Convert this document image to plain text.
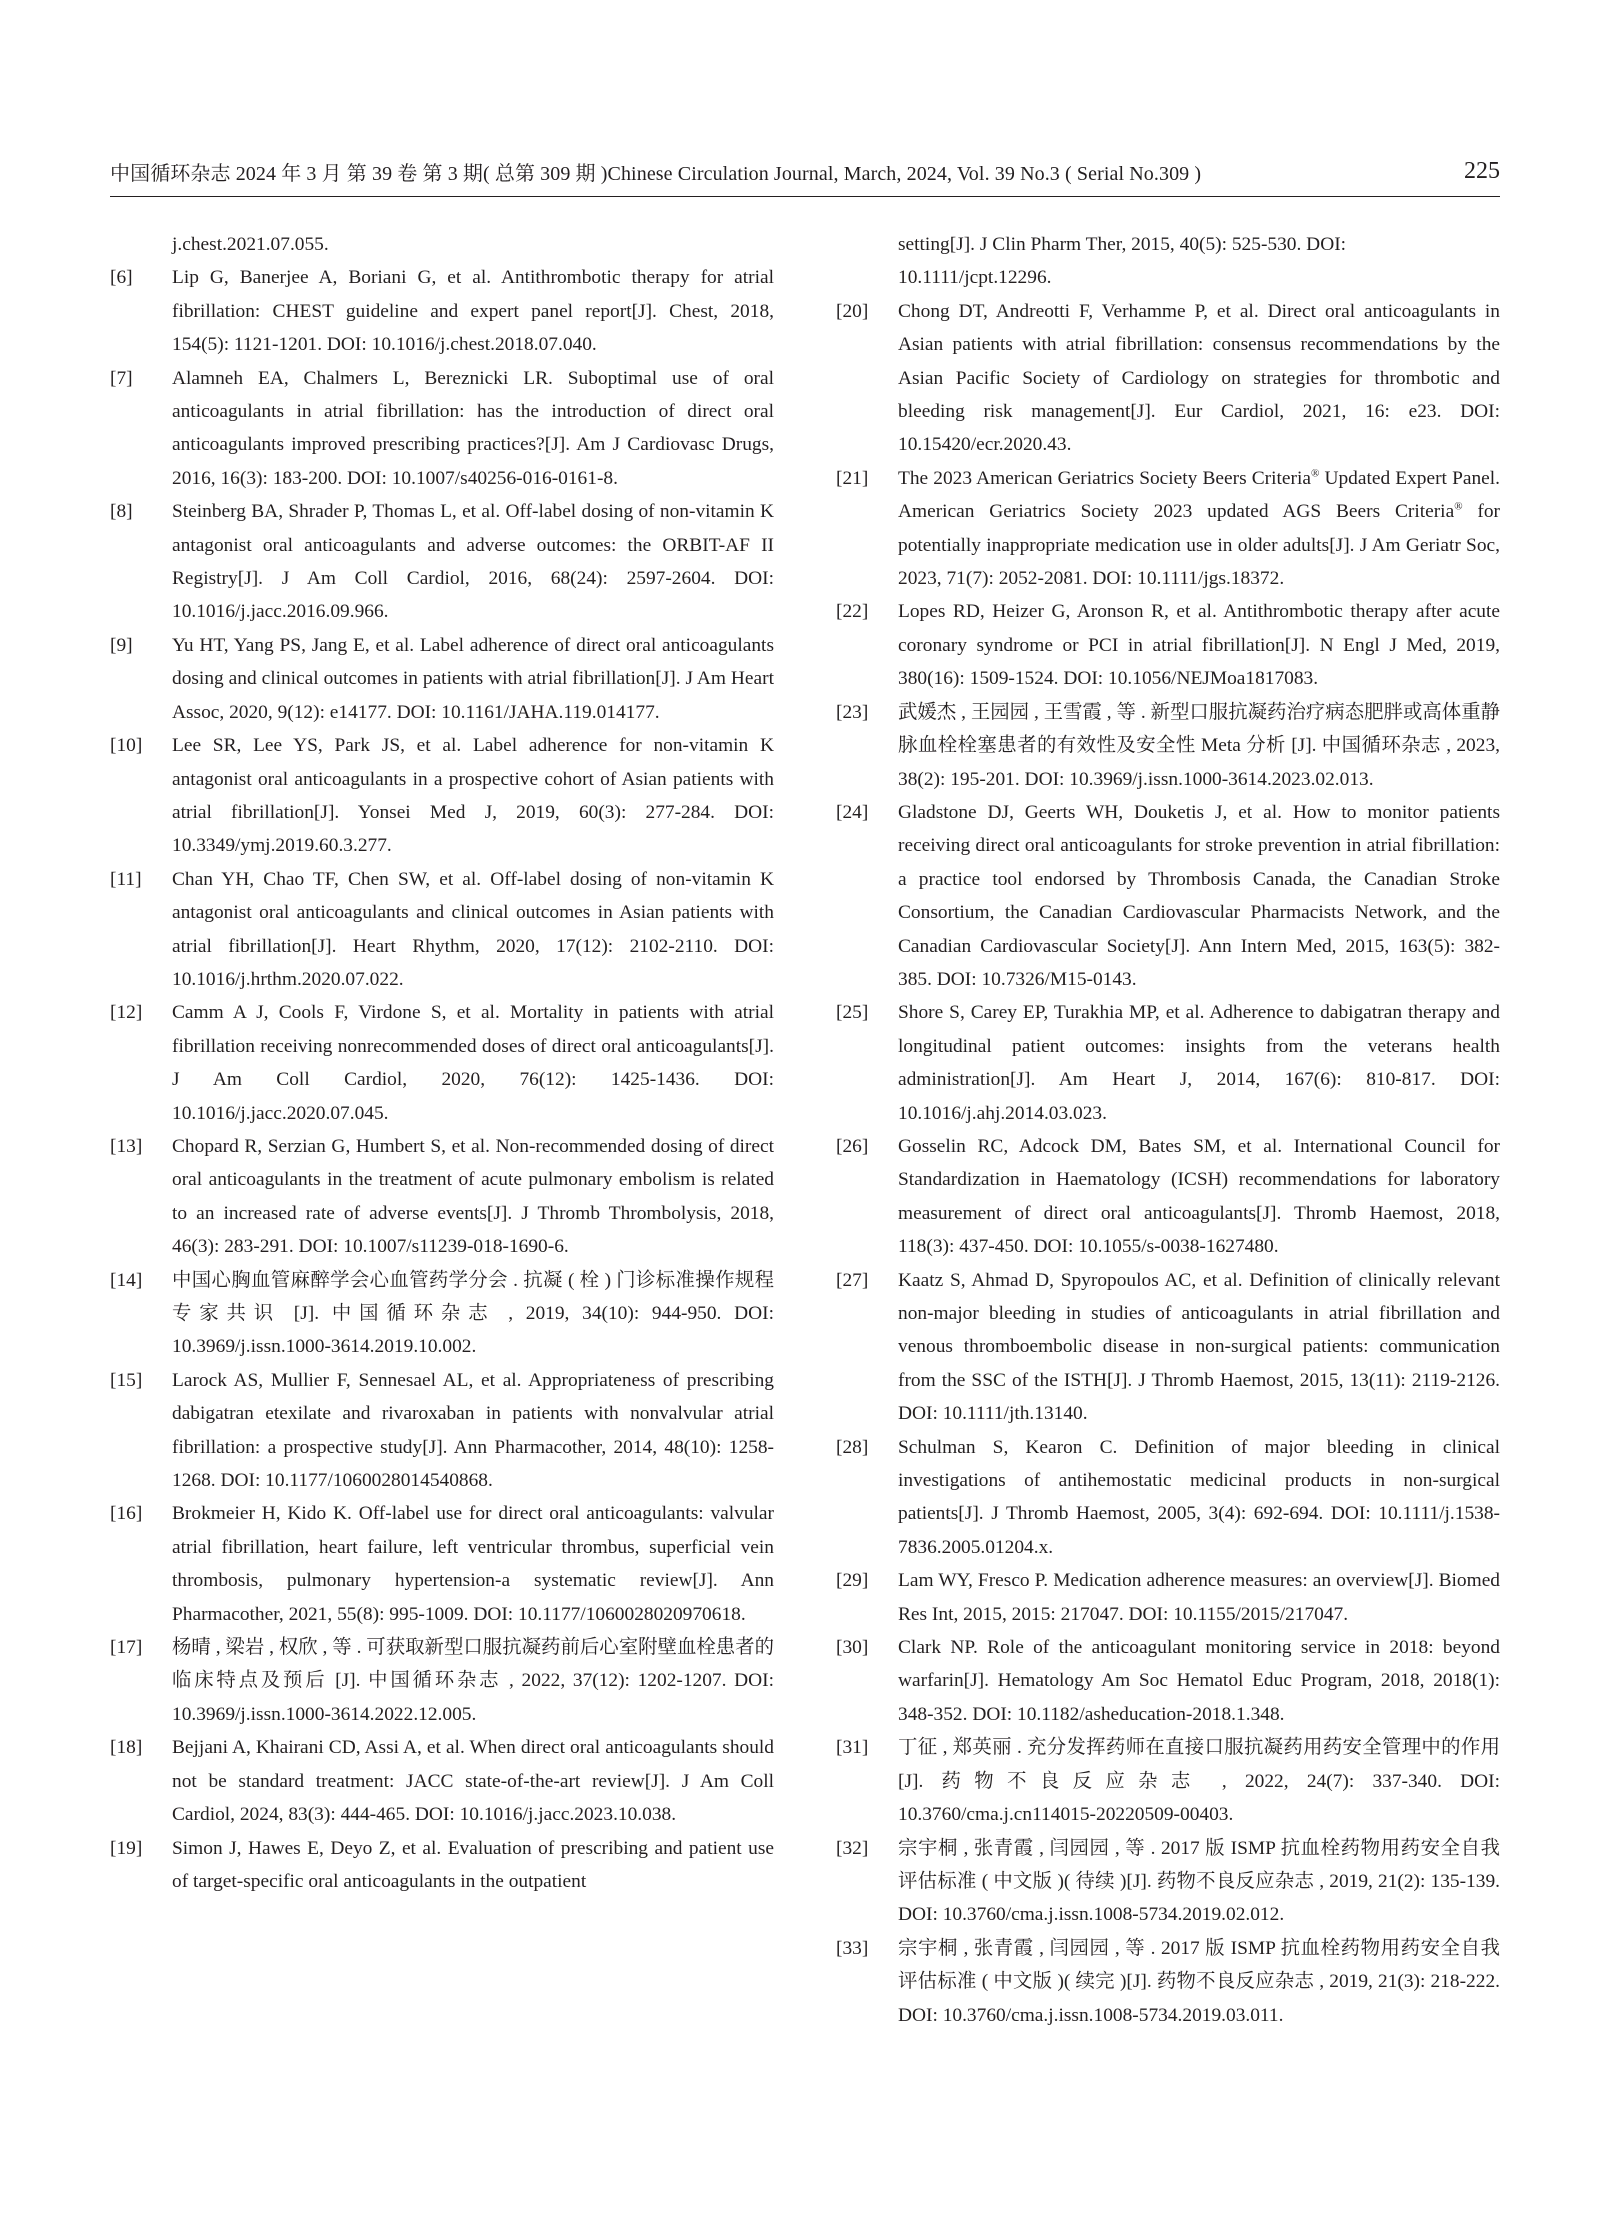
中国循环杂志 2024 年 3 月 第 39 卷 第 3 期( 总第 309 期 )Chinese Circulation Journal, March, 2024, Vol. 39 No.3 ( Serial No.309 )	225
j.chest.2021.07.055.
[6] Lip G, Banerjee A, Boriani G, et al. Antithrombotic therapy for atrial fibrillation: CHEST guideline and expert panel report[J]. Chest, 2018, 154(5): 1121-1201. DOI: 10.1016/j.chest.2018.07.040.
[7] Alamneh EA, Chalmers L, Bereznicki LR. Suboptimal use of oral anticoagulants in atrial fibrillation: has the introduction of direct oral anticoagulants improved prescribing practices?[J]. Am J Cardiovasc Drugs, 2016, 16(3): 183-200. DOI: 10.1007/s40256-016-0161-8.
[8] Steinberg BA, Shrader P, Thomas L, et al. Off-label dosing of non-vitamin K antagonist oral anticoagulants and adverse outcomes: the ORBIT-AF II Registry[J]. J Am Coll Cardiol, 2016, 68(24): 2597-2604. DOI: 10.1016/j.jacc.2016.09.966.
[9] Yu HT, Yang PS, Jang E, et al. Label adherence of direct oral anticoagulants dosing and clinical outcomes in patients with atrial fibrillation[J]. J Am Heart Assoc, 2020, 9(12): e14177. DOI: 10.1161/JAHA.119.014177.
[10] Lee SR, Lee YS, Park JS, et al. Label adherence for non-vitamin K antagonist oral anticoagulants in a prospective cohort of Asian patients with atrial fibrillation[J]. Yonsei Med J, 2019, 60(3): 277-284. DOI: 10.3349/ymj.2019.60.3.277.
[11] Chan YH, Chao TF, Chen SW, et al. Off-label dosing of non-vitamin K antagonist oral anticoagulants and clinical outcomes in Asian patients with atrial fibrillation[J]. Heart Rhythm, 2020, 17(12): 2102-2110. DOI: 10.1016/j.hrthm.2020.07.022.
[12] Camm A J, Cools F, Virdone S, et al. Mortality in patients with atrial fibrillation receiving nonrecommended doses of direct oral anticoagulants[J]. J Am Coll Cardiol, 2020, 76(12): 1425-1436. DOI: 10.1016/j.jacc.2020.07.045.
[13] Chopard R, Serzian G, Humbert S, et al. Non-recommended dosing of direct oral anticoagulants in the treatment of acute pulmonary embolism is related to an increased rate of adverse events[J]. J Thromb Thrombolysis, 2018, 46(3): 283-291. DOI: 10.1007/s11239-018-1690-6.
[14] 中国心胸血管麻醉学会心血管药学分会 . 抗凝 ( 栓 ) 门诊标准操作规程专家共识 [J]. 中国循环杂志 , 2019, 34(10): 944-950. DOI: 10.3969/j.issn.1000-3614.2019.10.002.
[15] Larock AS, Mullier F, Sennesael AL, et al. Appropriateness of prescribing dabigatran etexilate and rivaroxaban in patients with nonvalvular atrial fibrillation: a prospective study[J]. Ann Pharmacother, 2014, 48(10): 1258-1268. DOI: 10.1177/1060028014540868.
[16] Brokmeier H, Kido K. Off-label use for direct oral anticoagulants: valvular atrial fibrillation, heart failure, left ventricular thrombus, superficial vein thrombosis, pulmonary hypertension-a systematic review[J]. Ann Pharmacother, 2021, 55(8): 995-1009. DOI: 10.1177/1060028020970618.
[17] 杨晴 , 梁岩 , 权欣 , 等 . 可获取新型口服抗凝药前后心室附壁血栓患者的临床特点及预后 [J]. 中国循环杂志 , 2022, 37(12): 1202-1207. DOI: 10.3969/j.issn.1000-3614.2022.12.005.
[18] Bejjani A, Khairani CD, Assi A, et al. When direct oral anticoagulants should not be standard treatment: JACC state-of-the-art review[J]. J Am Coll Cardiol, 2024, 83(3): 444-465. DOI: 10.1016/j.jacc.2023.10.038.
[19] Simon J, Hawes E, Deyo Z, et al. Evaluation of prescribing and patient use of target-specific oral anticoagulants in the outpatient
setting[J]. J Clin Pharm Ther, 2015, 40(5): 525-530. DOI: 10.1111/jcpt.12296.
[20] Chong DT, Andreotti F, Verhamme P, et al. Direct oral anticoagulants in Asian patients with atrial fibrillation: consensus recommendations by the Asian Pacific Society of Cardiology on strategies for thrombotic and bleeding risk management[J]. Eur Cardiol, 2021, 16: e23. DOI: 10.15420/ecr.2020.43.
[21] The 2023 American Geriatrics Society Beers Criteria® Updated Expert Panel. American Geriatrics Society 2023 updated AGS Beers Criteria® for potentially inappropriate medication use in older adults[J]. J Am Geriatr Soc, 2023, 71(7): 2052-2081. DOI: 10.1111/jgs.18372.
[22] Lopes RD, Heizer G, Aronson R, et al. Antithrombotic therapy after acute coronary syndrome or PCI in atrial fibrillation[J]. N Engl J Med, 2019, 380(16): 1509-1524. DOI: 10.1056/NEJMoa1817083.
[23] 武媛杰 , 王园园 , 王雪霞 , 等 . 新型口服抗凝药治疗病态肥胖或高体重静脉血栓栓塞患者的有效性及安全性 Meta 分析 [J]. 中国循环杂志 , 2023, 38(2): 195-201. DOI: 10.3969/j.issn.1000-3614.2023.02.013.
[24] Gladstone DJ, Geerts WH, Douketis J, et al. How to monitor patients receiving direct oral anticoagulants for stroke prevention in atrial fibrillation: a practice tool endorsed by Thrombosis Canada, the Canadian Stroke Consortium, the Canadian Cardiovascular Pharmacists Network, and the Canadian Cardiovascular Society[J]. Ann Intern Med, 2015, 163(5): 382-385. DOI: 10.7326/M15-0143.
[25] Shore S, Carey EP, Turakhia MP, et al. Adherence to dabigatran therapy and longitudinal patient outcomes: insights from the veterans health administration[J]. Am Heart J, 2014, 167(6): 810-817. DOI: 10.1016/j.ahj.2014.03.023.
[26] Gosselin RC, Adcock DM, Bates SM, et al. International Council for Standardization in Haematology (ICSH) recommendations for laboratory measurement of direct oral anticoagulants[J]. Thromb Haemost, 2018, 118(3): 437-450. DOI: 10.1055/s-0038-1627480.
[27] Kaatz S, Ahmad D, Spyropoulos AC, et al. Definition of clinically relevant non-major bleeding in studies of anticoagulants in atrial fibrillation and venous thromboembolic disease in non-surgical patients: communication from the SSC of the ISTH[J]. J Thromb Haemost, 2015, 13(11): 2119-2126. DOI: 10.1111/jth.13140.
[28] Schulman S, Kearon C. Definition of major bleeding in clinical investigations of antihemostatic medicinal products in non-surgical patients[J]. J Thromb Haemost, 2005, 3(4): 692-694. DOI: 10.1111/j.1538-7836.2005.01204.x.
[29] Lam WY, Fresco P. Medication adherence measures: an overview[J]. Biomed Res Int, 2015, 2015: 217047. DOI: 10.1155/2015/217047.
[30] Clark NP. Role of the anticoagulant monitoring service in 2018: beyond warfarin[J]. Hematology Am Soc Hematol Educ Program, 2018, 2018(1): 348-352. DOI: 10.1182/asheducation-2018.1.348.
[31] 丁征 , 郑英丽 . 充分发挥药师在直接口服抗凝药用药安全管理中的作用 [J]. 药物不良反应杂志 , 2022, 24(7): 337-340. DOI: 10.3760/cma.j.cn114015-20220509-00403.
[32] 宗宇桐 , 张青霞 , 闫园园 , 等 . 2017 版 ISMP 抗血栓药物用药安全自我评估标准 ( 中文版 )( 待续 )[J]. 药物不良反应杂志 , 2019, 21(2): 135-139. DOI: 10.3760/cma.j.issn.1008-5734.2019.02.012.
[33] 宗宇桐 , 张青霞 , 闫园园 , 等 . 2017 版 ISMP 抗血栓药物用药安全自我评估标准 ( 中文版 )( 续完 )[J]. 药物不良反应杂志 , 2019, 21(3): 218-222. DOI: 10.3760/cma.j.issn.1008-5734.2019.03.011.
